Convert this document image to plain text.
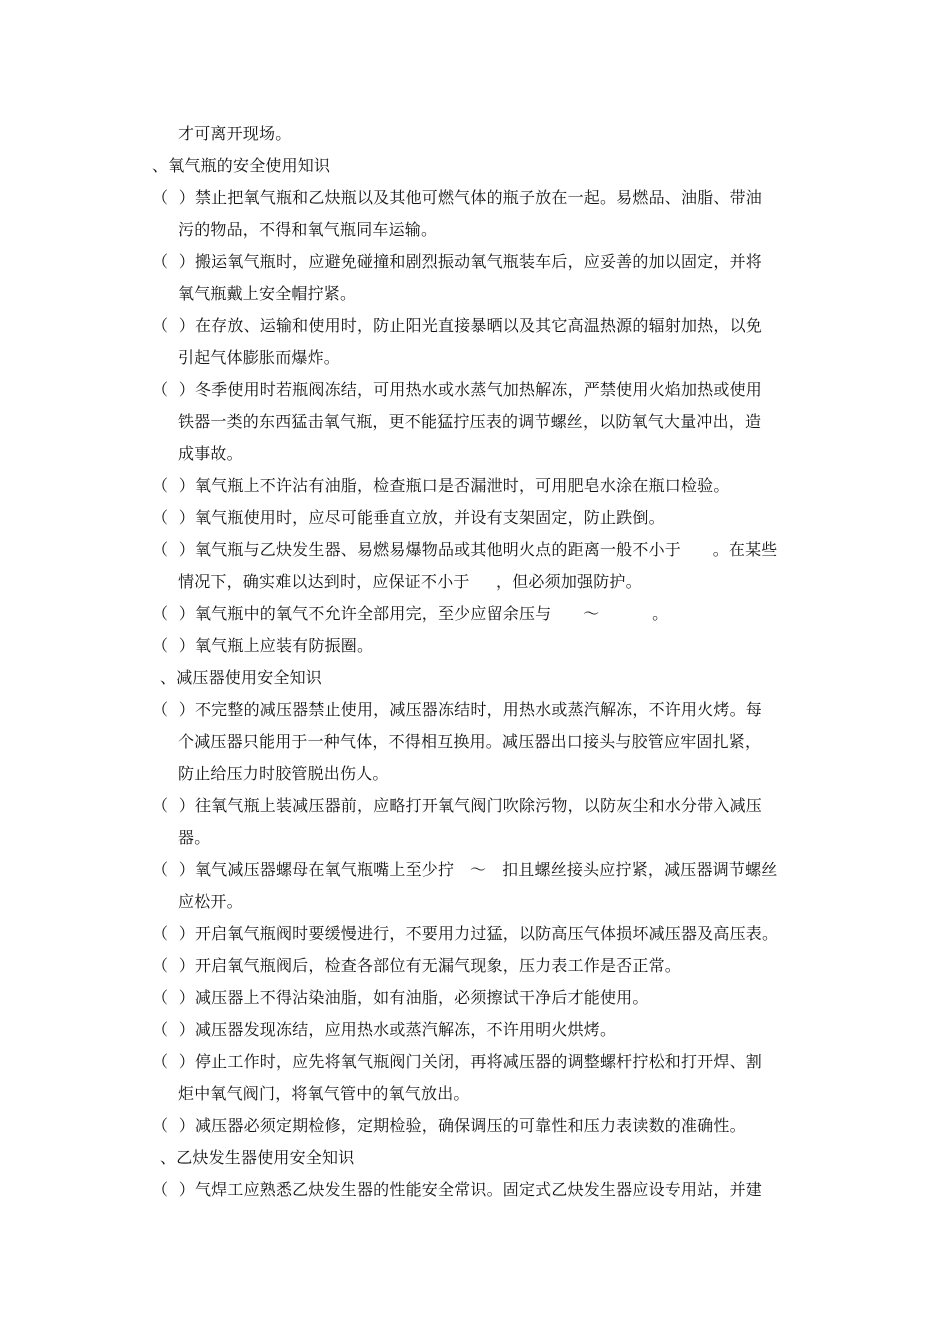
才可离开现场。
、氧气瓶的安全使用知识
（  ）禁止把氧气瓶和乙炔瓶以及其他可燃气体的瓶子放在一起。易燃品、油脂、带油
污的物品，不得和氧气瓶同车运输。
（  ）搬运氧气瓶时，应避免碰撞和剧烈振动氧气瓶装车后，应妥善的加以固定，并将
氧气瓶戴上安全帽拧紧。
（  ）在存放、运输和使用时，防止阳光直接暴晒以及其它高温热源的辐射加热，以免
引起气体膨胀而爆炸。
（  ）冬季使用时若瓶阀冻结，可用热水或水蒸气加热解冻，严禁使用火焰加热或使用
铁器一类的东西猛击氧气瓶，更不能猛拧压表的调节螺丝，以防氧气大量冲出，造
成事故。
（  ）氧气瓶上不许沾有油脂，检查瓶口是否漏泄时，可用肥皂水涂在瓶口检验。
（  ）氧气瓶使用时，应尽可能垂直立放，并设有支架固定，防止跌倒。
（  ）氧气瓶与乙炔发生器、易燃易爆物品或其他明火点的距离一般不小于      。在某些
情况下，确实难以达到时，应保证不小于     ，但必须加强防护。
（  ）氧气瓶中的氧气不允许全部用完，至少应留余压与      ～          。
（  ）氧气瓶上应装有防振圈。
、减压器使用安全知识
（  ）不完整的减压器禁止使用，减压器冻结时，用热水或蒸汽解冻，不许用火烤。每
个减压器只能用于一种气体，不得相互换用。减压器出口接头与胶管应牢固扎紧，
防止给压力时胶管脱出伤人。
（  ）往氧气瓶上装减压器前，应略打开氧气阀门吹除污物，以防灰尘和水分带入减压
器。
（  ）氧气减压器螺母在氧气瓶嘴上至少拧   ～   扣且螺丝接头应拧紧，减压器调节螺丝
应松开。
（  ）开启氧气瓶阀时要缓慢进行，不要用力过猛，以防高压气体损坏减压器及高压表。
（  ）开启氧气瓶阀后，检查各部位有无漏气现象，压力表工作是否正常。
（  ）减压器上不得沾染油脂，如有油脂，必须擦试干净后才能使用。
（  ）减压器发现冻结，应用热水或蒸汽解冻，不许用明火烘烤。
（  ）停止工作时，应先将氧气瓶阀门关闭，再将减压器的调整螺杆拧松和打开焊、割
炬中氧气阀门，将氧气管中的氧气放出。
（  ）减压器必须定期检修，定期检验，确保调压的可靠性和压力表读数的准确性。
、乙炔发生器使用安全知识
（  ）气焊工应熟悉乙炔发生器的性能安全常识。固定式乙炔发生器应设专用站，并建
